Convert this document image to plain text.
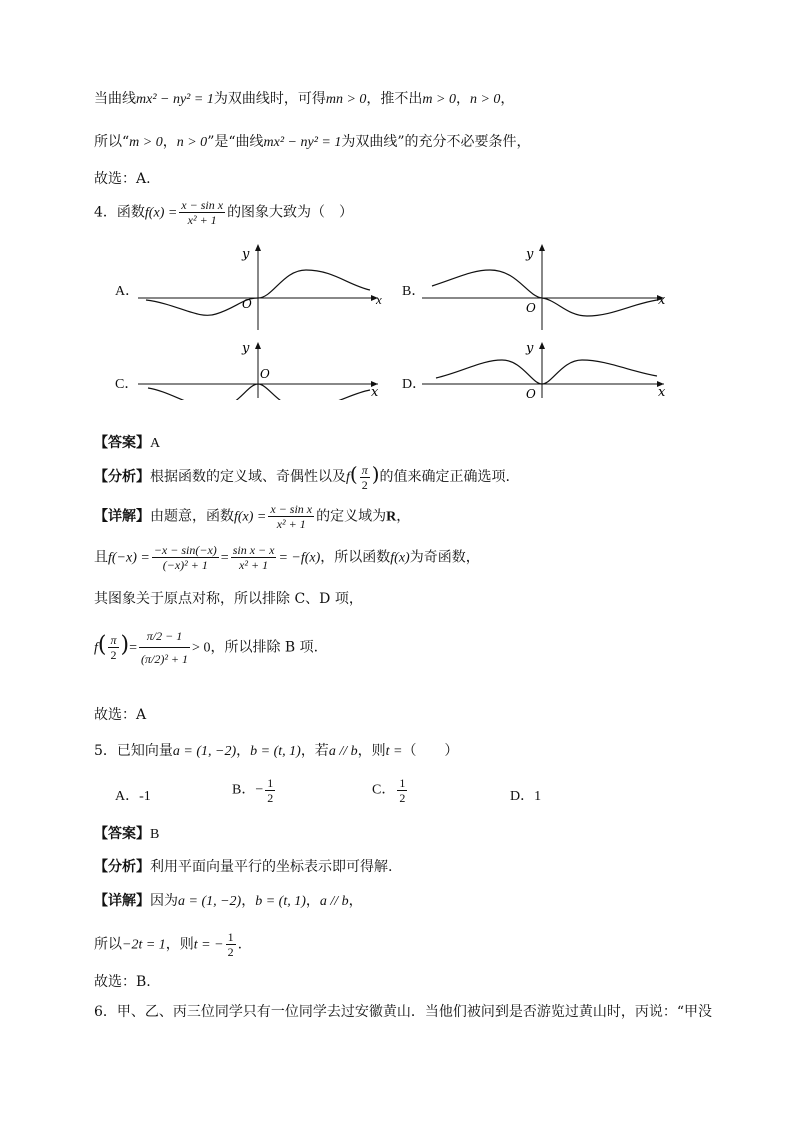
当曲线mx² − ny² = 1为双曲线时，可得mn > 0，推不出m > 0，n > 0，
所以“m > 0，n > 0”是“曲线mx² − ny² = 1为双曲线”的充分不必要条件，
故选：A.
4．函数$f(x) = \frac{\text{x − sin x}}{\text{x² + 1}}$ 的图象大致为（　）
A．
x
y
O
B．
x
y
O
C．
x
y
O
D．
x
y
O
【答案】A
【分析】根据函数的定义域、奇偶性以及$f( \frac{\pi}{2}$ )的值来确定正确选项.
【详解】由题意，函数$f(x) = \frac{\text{x − sin x}}{\text{x² + 1}}$ 的定义域为R，
且$f(-x) = \frac{-x - \sin(-x)}{\text{(−x)² + 1}} = \frac{\text{sin x − x}}{\text{x² + 1}} = -f(x)$，所以函数f(x)为奇函数，
其图象关于原点对称，所以排除 C、D 项，
$f( \frac{\pi}{2}$ )= $\frac{\pi/2 - 1}{\text{(π/2)² + 1}} > 0$，所以排除 B 项.
故选：A
5．已知向量a = (1, −2)，b = (t, 1)，若a // b，则t =（　　）
A．-1	B．− $\frac{1}{2}$	C． $\frac{1}{2}$	D．1
【答案】B
【分析】利用平面向量平行的坐标表示即可得解.
【详解】因为a = (1, −2)，b = (t, 1)，a // b，
所以−2t = 1，则t = − $\frac{1}{2}$ .
故选：B.
6．甲、乙、丙三位同学只有一位同学去过安徽黄山．当他们被问到是否游览过黄山时，丙说：“甲没
